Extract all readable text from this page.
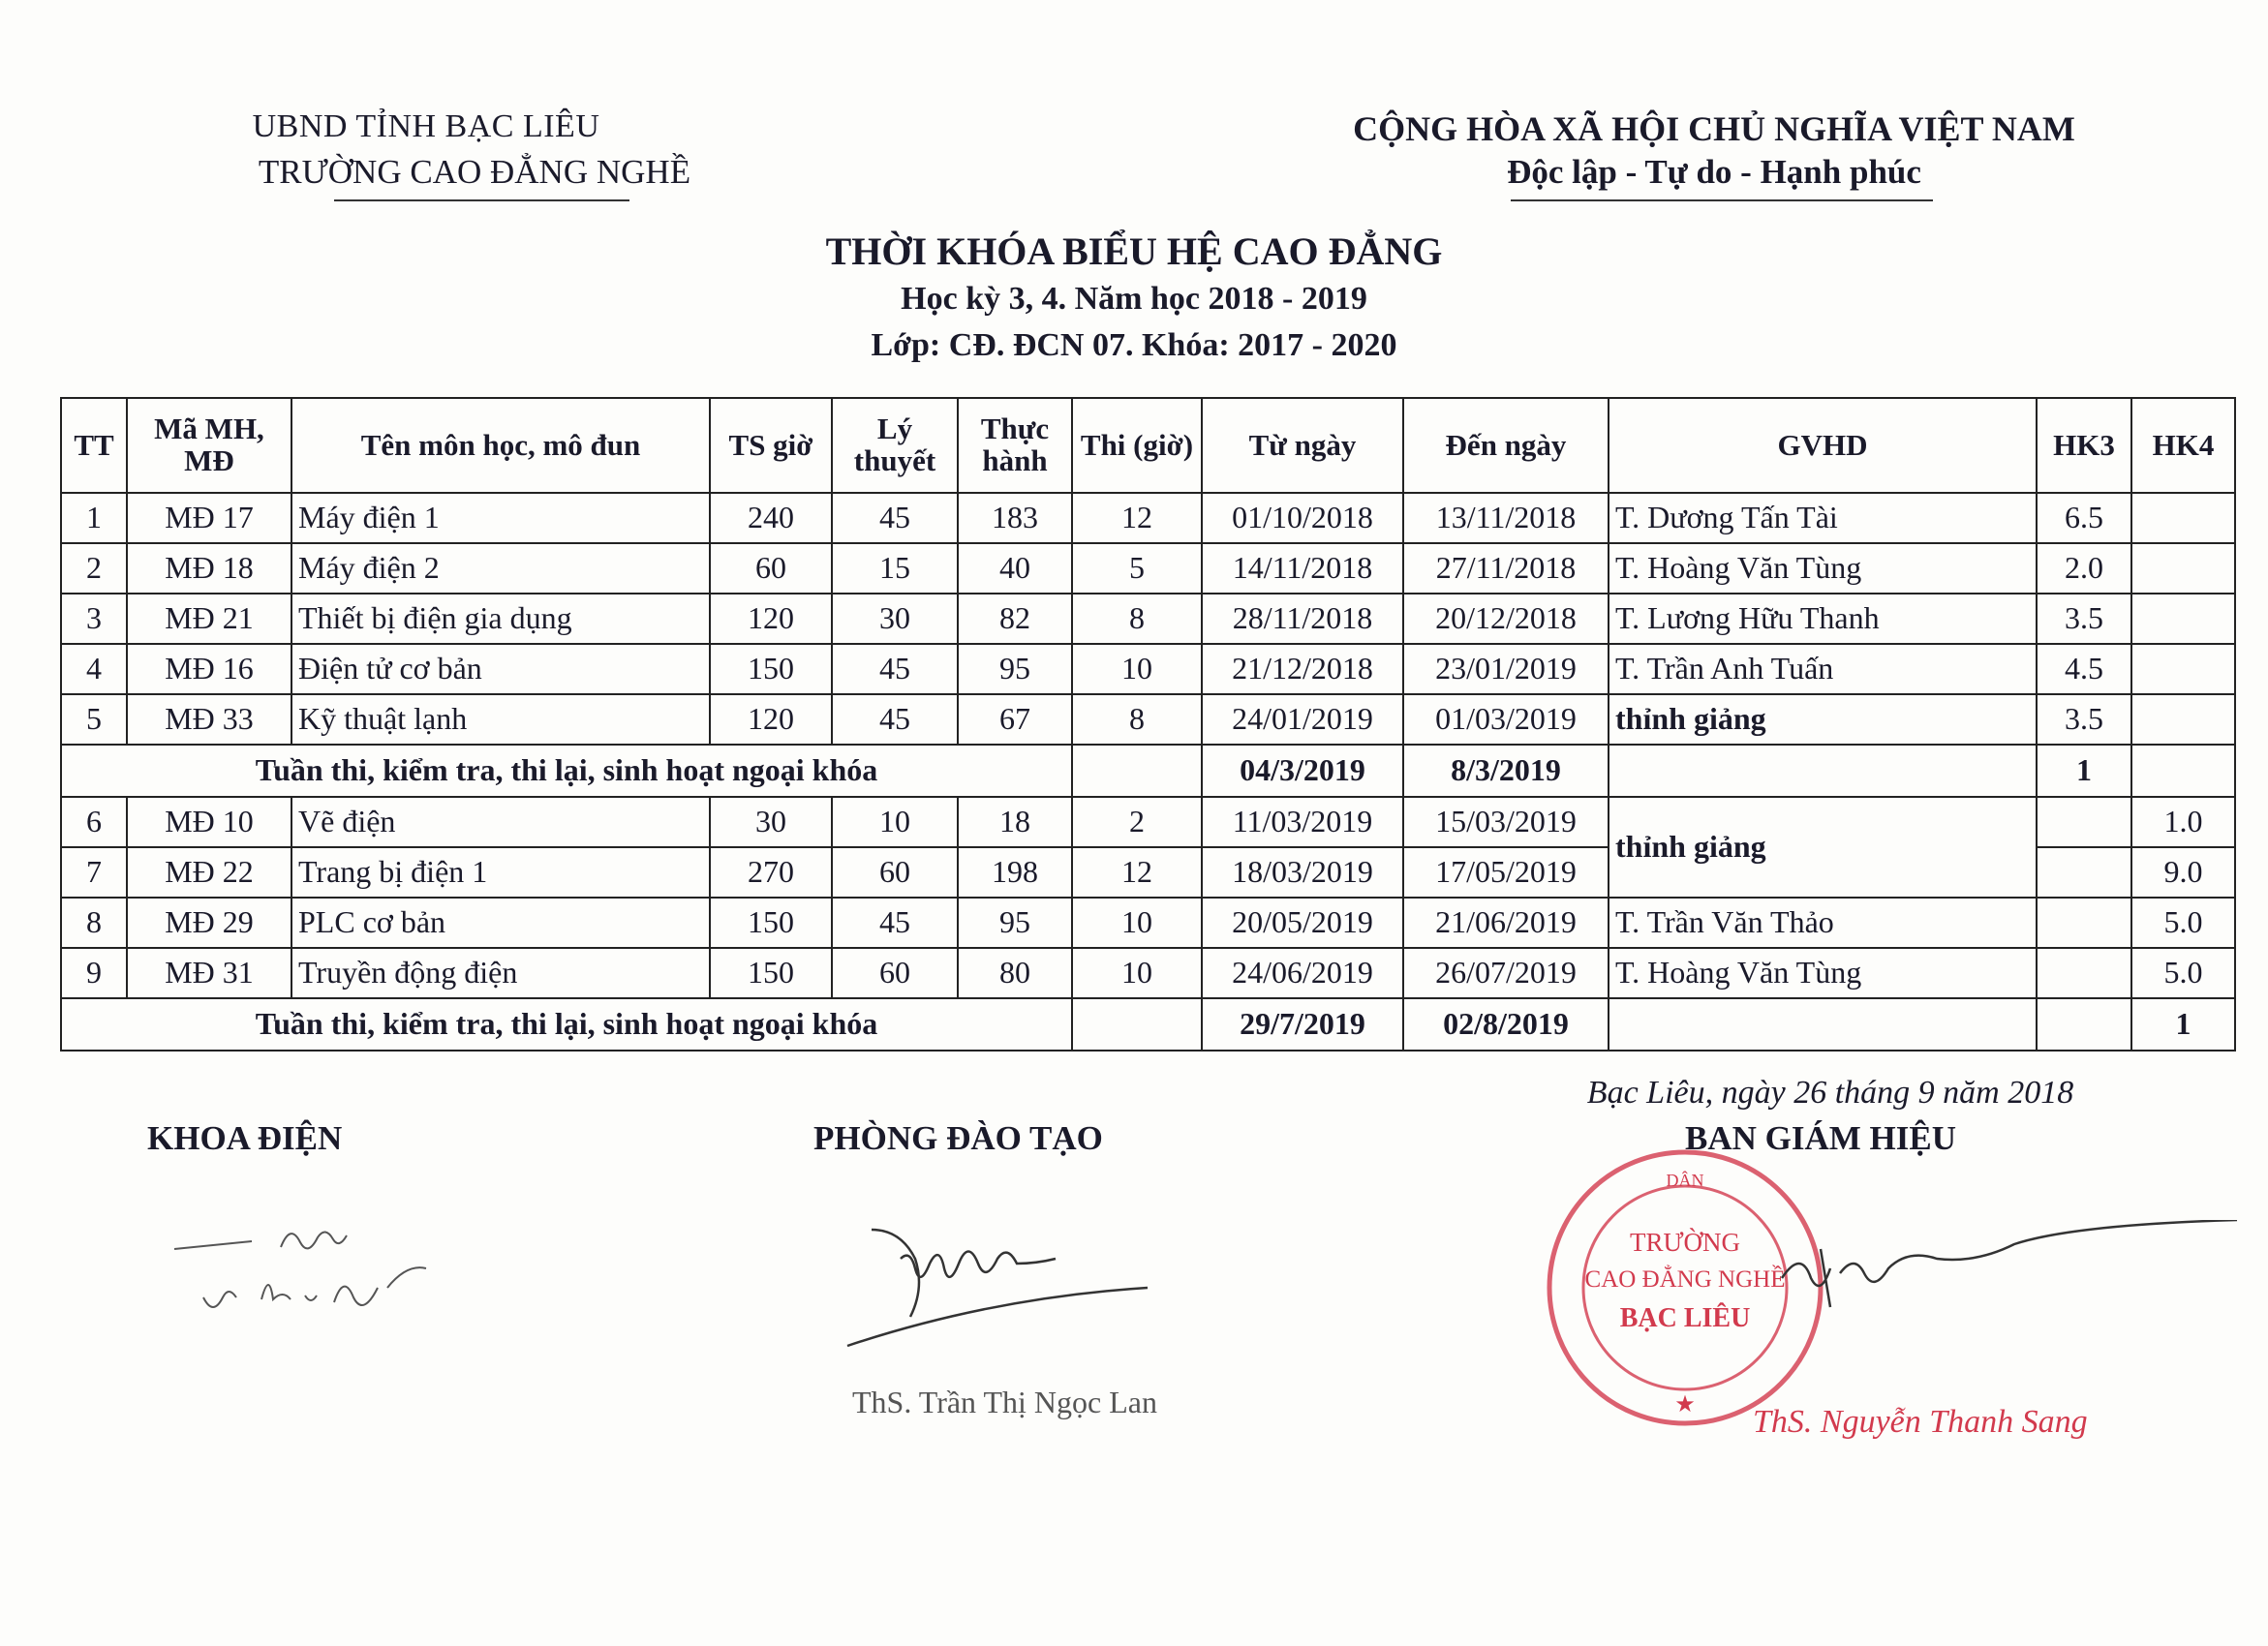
UBND TỈNH BẠC LIÊU
TRƯỜNG CAO ĐẲNG NGHỀ
CỘNG HÒA XÃ HỘI CHỦ NGHĨA VIỆT NAM
Độc lập - Tự do - Hạnh phúc
THỜI KHÓA BIỂU HỆ CAO ĐẲNG
Học kỳ 3, 4. Năm học 2018 - 2019
Lớp: CĐ. ĐCN 07. Khóa: 2017 - 2020
TT	Mã MH, MĐ	Tên môn học, mô đun	TS giờ	Lý thuyết	Thực hành	Thi (giờ)	Từ ngày	Đến ngày	GVHD	HK3	HK4
1	MĐ 17	Máy điện 1	240	45	183	12	01/10/2018	13/11/2018	T. Dương Tấn Tài	6.5	
2	MĐ 18	Máy điện 2	60	15	40	5	14/11/2018	27/11/2018	T. Hoàng Văn Tùng	2.0	
3	MĐ 21	Thiết bị điện gia dụng	120	30	82	8	28/11/2018	20/12/2018	T. Lương Hữu Thanh	3.5	
4	MĐ 16	Điện tử cơ bản	150	45	95	10	21/12/2018	23/01/2019	T. Trần Anh Tuấn	4.5	
5	MĐ 33	Kỹ thuật lạnh	120	45	67	8	24/01/2019	01/03/2019	thỉnh giảng	3.5	
Tuần thi, kiểm tra, thi lại, sinh hoạt ngoại khóa							04/3/2019	8/3/2019		1	
6	MĐ 10	Vẽ điện	30	10	18	2	11/03/2019	15/03/2019	thỉnh giảng		1.0
7	MĐ 22	Trang bị điện 1	270	60	198	12	18/03/2019	17/05/2019			9.0
8	MĐ 29	PLC cơ bản	150	45	95	10	20/05/2019	21/06/2019	T. Trần Văn Thảo		5.0
9	MĐ 31	Truyền động điện	150	60	80	10	24/06/2019	26/07/2019	T. Hoàng Văn Tùng		5.0
Tuần thi, kiểm tra, thi lại, sinh hoạt ngoại khóa							29/7/2019	02/8/2019			1
Bạc Liêu, ngày 26 tháng 9 năm 2018
KHOA ĐIỆN	PHÒNG ĐÀO TẠO	BAN GIÁM HIỆU
ThS. Trần Thị Ngọc Lan
DÂN
★
TRƯỜNG
CAO ĐẲNG NGHỀ
BẠC LIÊU
ThS. Nguyễn Thanh Sang
